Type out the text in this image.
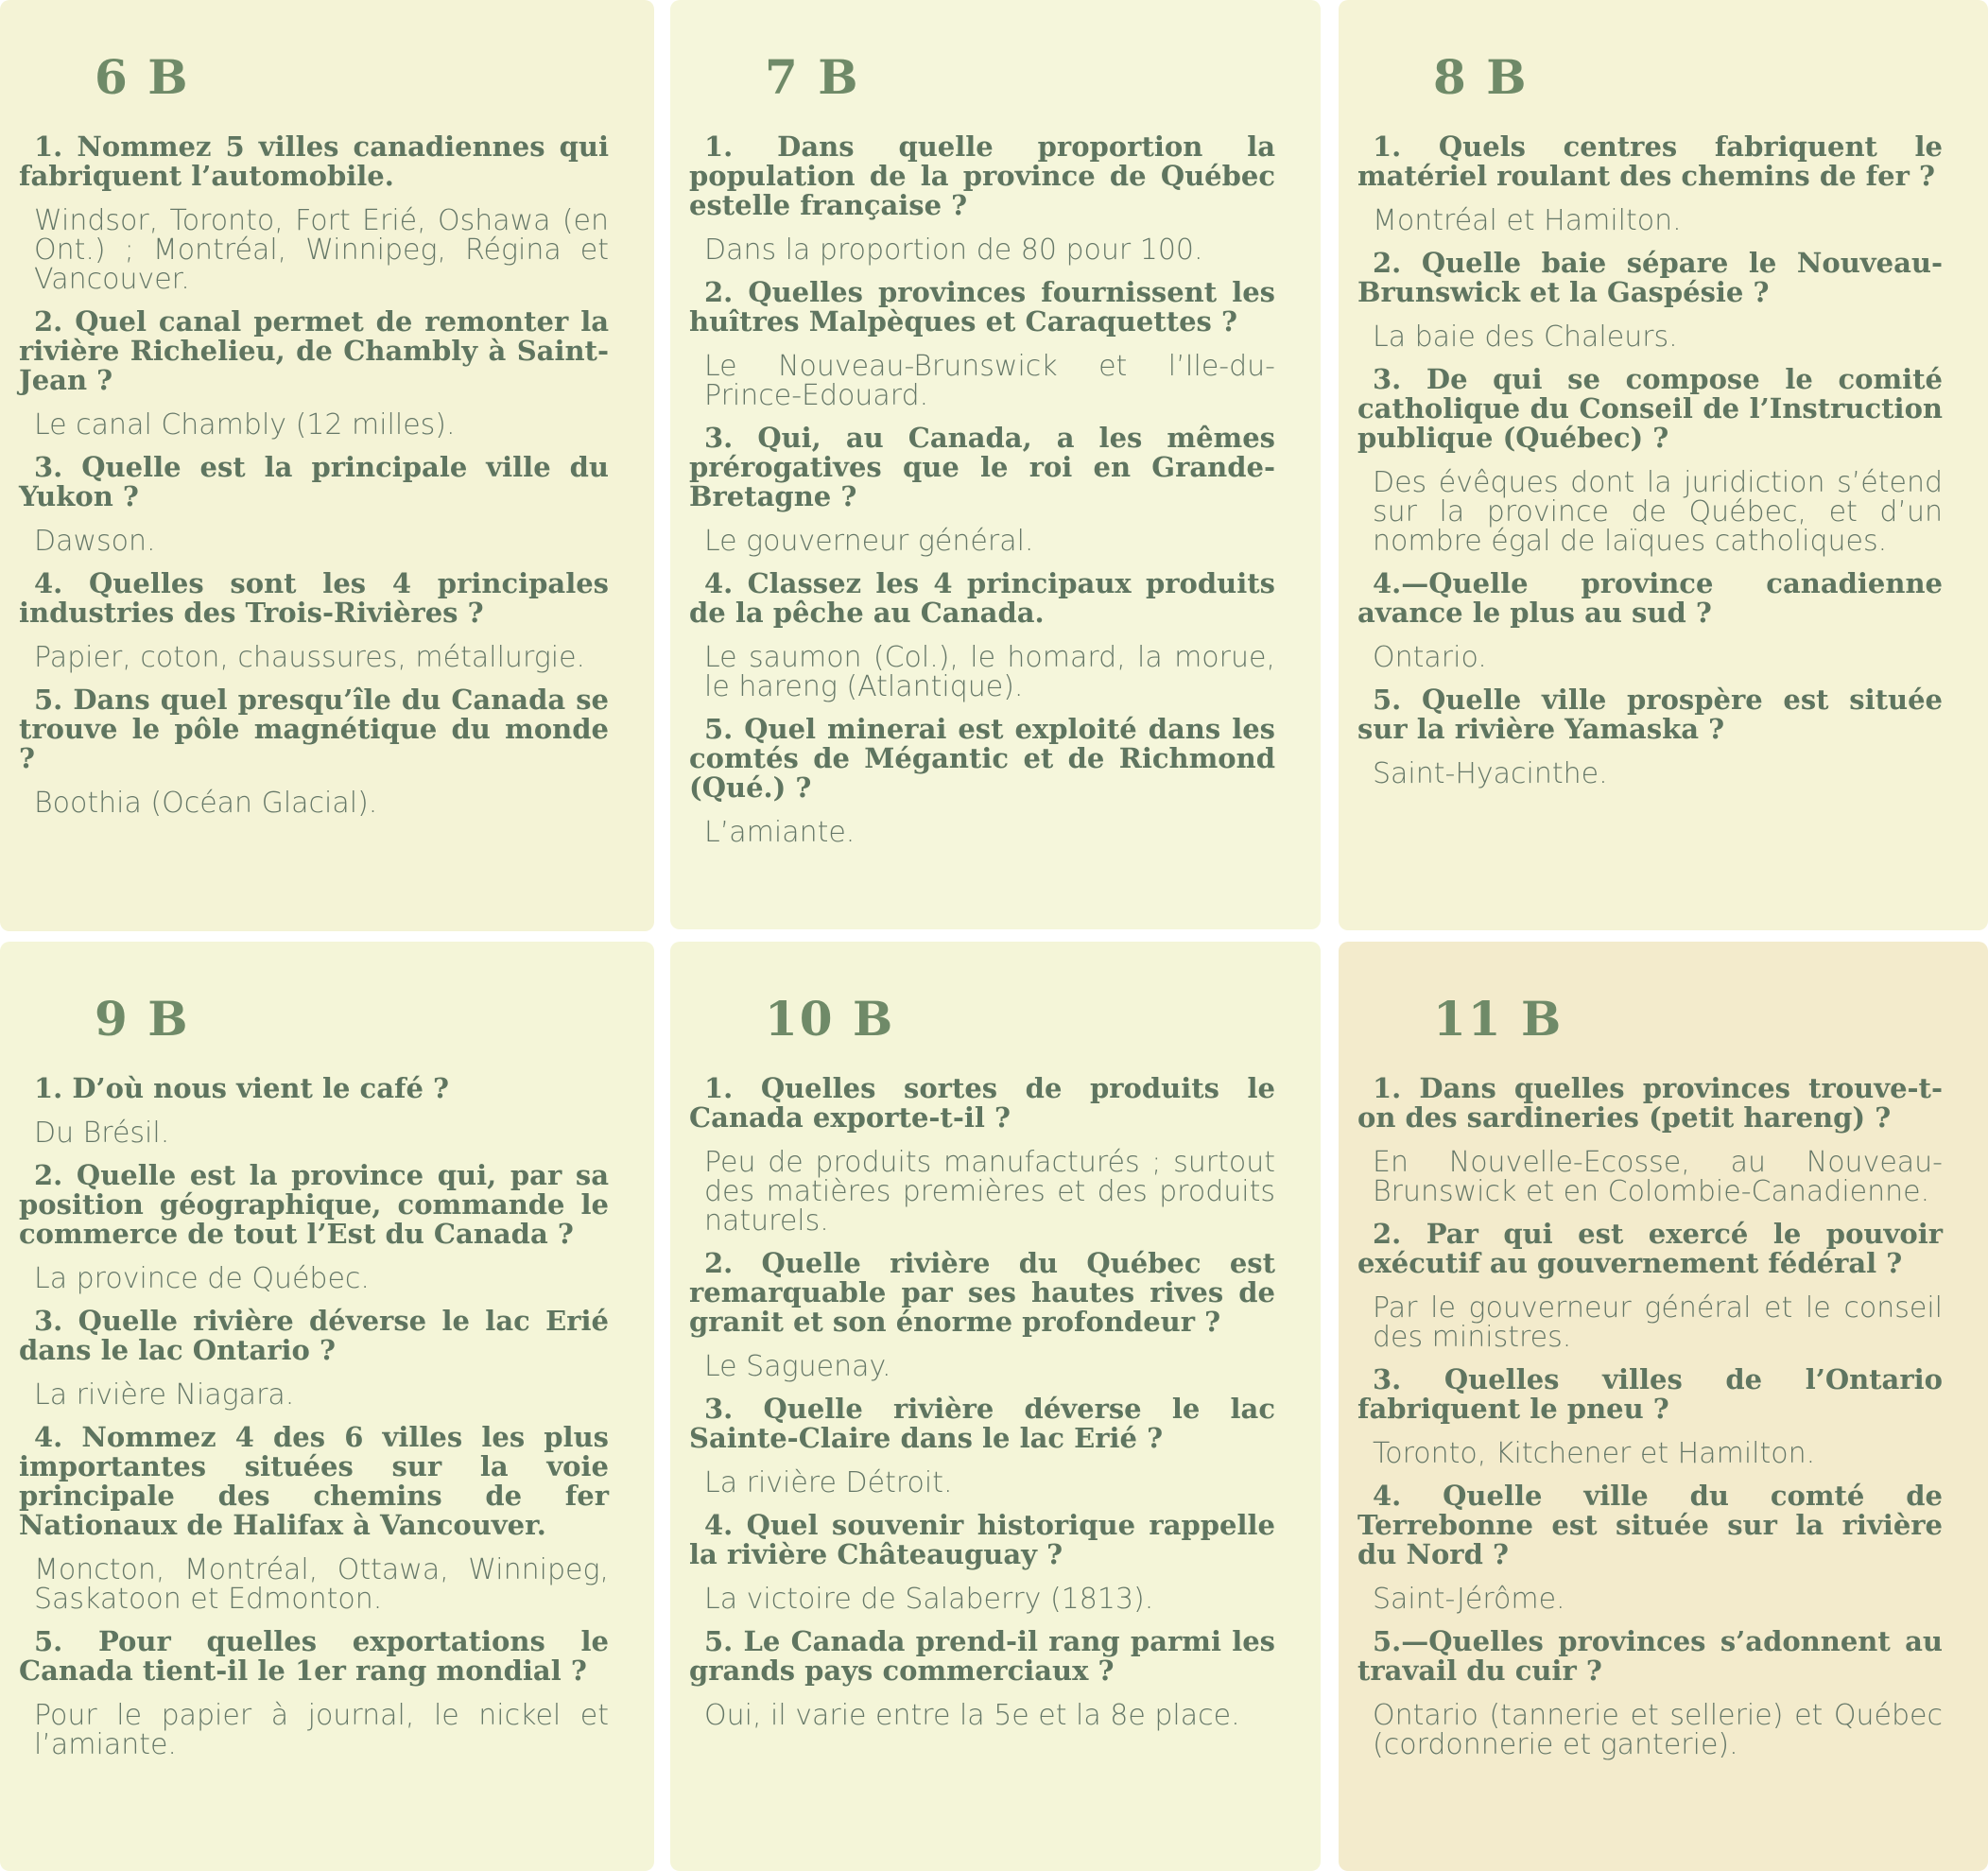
6 B

1. Nommez 5 villes canadiennes qui fabriquent l’automobile.

Windsor, Toronto, Fort Erié, Oshawa (en Ont.) ; Montréal, Winnipeg, Régina et Vancouver.

2. Quel canal permet de remonter la rivière Richelieu, de Chambly à Saint-Jean ?

Le canal Chambly (12 milles).

3. Quelle est la principale ville du Yukon ?

Dawson.

4. Quelles sont les 4 principales industries des Trois-Rivières ?

Papier, coton, chaussures, métallurgie.

5. Dans quel presqu’île du Canada se trouve le pôle magnétique du monde ?

Boothia (Océan Glacial).

7 B

1. Dans quelle proportion la population de la province de Québec estelle française ?

Dans la proportion de 80 pour 100.

2. Quelles provinces fournissent les huîtres Malpèques et Caraquettes ?

Le Nouveau-Brunswick et l’Ile-du-Prince-Edouard.

3. Qui, au Canada, a les mêmes prérogatives que le roi en Grande-Bretagne ?

Le gouverneur général.

4. Classez les 4 principaux produits de la pêche au Canada.

Le saumon (Col.), le homard, la morue, le hareng (Atlantique).

5. Quel minerai est exploité dans les comtés de Mégantic et de Richmond (Qué.) ?

L’amiante.

8 B

1. Quels centres fabriquent le matériel roulant des chemins de fer ?

Montréal et Hamilton.

2. Quelle baie sépare le Nouveau-Brunswick et la Gaspésie ?

La baie des Chaleurs.

3. De qui se compose le comité catholique du Conseil de l’Instruction publique (Québec) ?

Des évêques dont la juridiction s’étend sur la province de Québec, et d’un nombre égal de laïques catholiques.

4.—Quelle province canadienne avance le plus au sud ?

Ontario.

5. Quelle ville prospère est située sur la rivière Yamaska ?

Saint-Hyacinthe.

9 B

1. D’où nous vient le café ?

Du Brésil.

2. Quelle est la province qui, par sa position géographique, commande le commerce de tout l’Est du Canada ?

La province de Québec.

3. Quelle rivière déverse le lac Erié dans le lac Ontario ?

La rivière Niagara.

4. Nommez 4 des 6 villes les plus importantes situées sur la voie principale des chemins de fer Nationaux de Halifax à Vancouver.

Moncton, Montréal, Ottawa, Winnipeg, Saskatoon et Edmonton.

5. Pour quelles exportations le Canada tient-il le 1er rang mondial ?

Pour le papier à journal, le nickel et l’amiante.

10 B

1. Quelles sortes de produits le Canada exporte-t-il ?

Peu de produits manufacturés ; surtout des matières premières et des produits naturels.

2. Quelle rivière du Québec est remarquable par ses hautes rives de granit et son énorme profondeur ?

Le Saguenay.

3. Quelle rivière déverse le lac Sainte-Claire dans le lac Erié ?

La rivière Détroit.

4. Quel souvenir historique rappelle la rivière Châteauguay ?

La victoire de Salaberry (1813).

5. Le Canada prend-il rang parmi les grands pays commerciaux ?

Oui, il varie entre la 5e et la 8e place.

11 B

1. Dans quelles provinces trouve-t-on des sardineries (petit hareng) ?

En Nouvelle-Ecosse, au Nouveau-Brunswick et en Colombie-Canadienne.

2. Par qui est exercé le pouvoir exécutif au gouvernement fédéral ?

Par le gouverneur général et le conseil des ministres.

3. Quelles villes de l’Ontario fabriquent le pneu ?

Toronto, Kitchener et Hamilton.

4. Quelle ville du comté de Terrebonne est située sur la rivière du Nord ?

Saint-Jérôme.

5.—Quelles provinces s’adonnent au travail du cuir ?

Ontario (tannerie et sellerie) et Québec (cordonnerie et ganterie).
